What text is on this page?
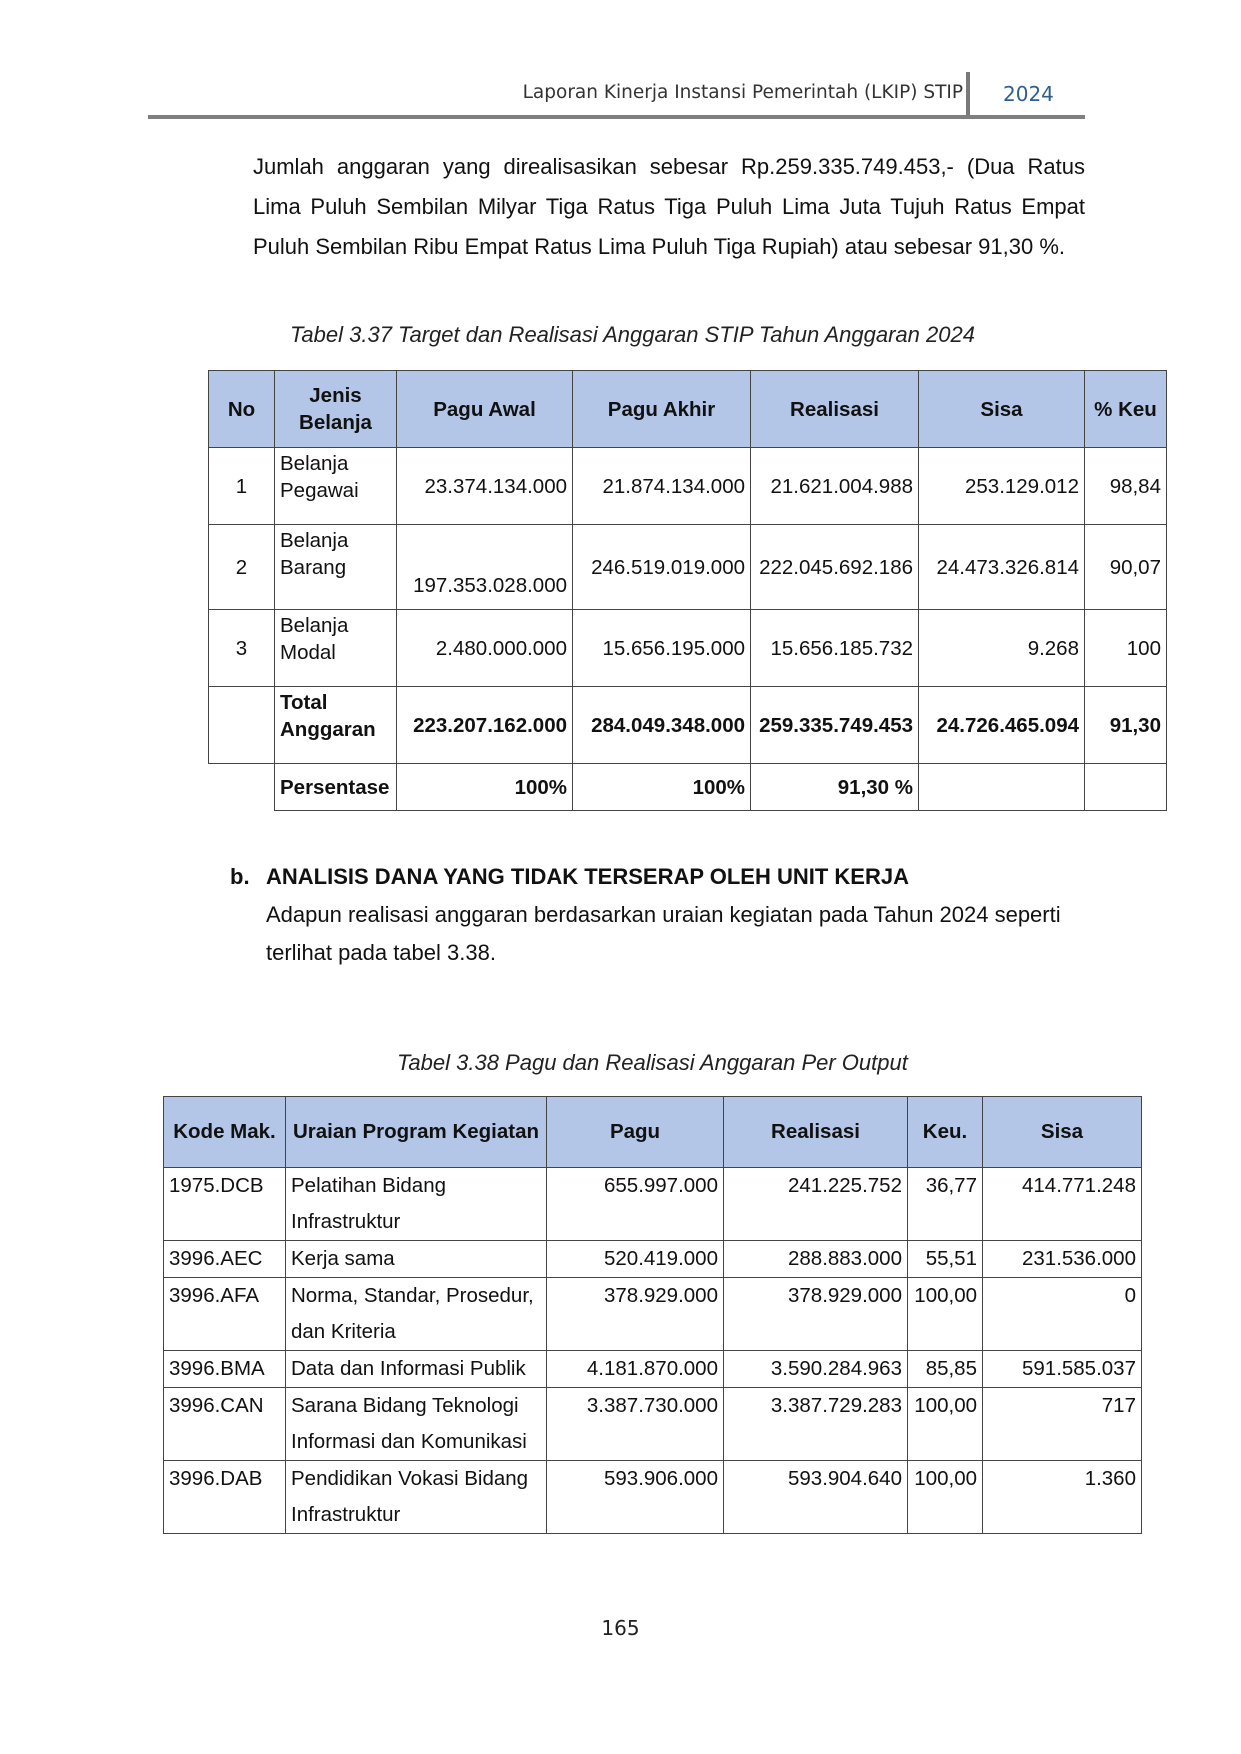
Laporan Kinerja Instansi Pemerintah (LKIP) STIP 2024
Jumlah anggaran yang direalisasikan sebesar Rp.259.335.749.453,- (Dua Ratus Lima Puluh Sembilan Milyar Tiga Ratus Tiga Puluh Lima Juta Tujuh Ratus Empat Puluh Sembilan Ribu Empat Ratus Lima Puluh Tiga Rupiah) atau sebesar 91,30 %.
Tabel 3.37 Target dan Realisasi Anggaran STIP Tahun Anggaran 2024
No	Jenis Belanja	Pagu Awal	Pagu Akhir	Realisasi	Sisa	% Keu
1	Belanja Pegawai	23.374.134.000	21.874.134.000	21.621.004.988	253.129.012	98,84
2	Belanja Barang	197.353.028.000	246.519.019.000	222.045.692.186	24.473.326.814	90,07
3	Belanja Modal	2.480.000.000	15.656.195.000	15.656.185.732	9.268	100
	Total Anggaran	223.207.162.000	284.049.348.000	259.335.749.453	24.726.465.094	91,30
	Persentase	100%	100%	91,30 %		
b. ANALISIS DANA YANG TIDAK TERSERAP OLEH UNIT KERJA
Adapun realisasi anggaran berdasarkan uraian kegiatan pada Tahun 2024 seperti terlihat pada tabel 3.38.
Tabel 3.38 Pagu dan Realisasi Anggaran Per Output
Kode Mak.	Uraian Program Kegiatan	Pagu	Realisasi	Keu.	Sisa
1975.DCB	Pelatihan Bidang Infrastruktur	655.997.000	241.225.752	36,77	414.771.248
3996.AEC	Kerja sama	520.419.000	288.883.000	55,51	231.536.000
3996.AFA	Norma, Standar, Prosedur, dan Kriteria	378.929.000	378.929.000	100,00	0
3996.BMA	Data dan Informasi Publik	4.181.870.000	3.590.284.963	85,85	591.585.037
3996.CAN	Sarana Bidang Teknologi Informasi dan Komunikasi	3.387.730.000	3.387.729.283	100,00	717
3996.DAB	Pendidikan Vokasi Bidang Infrastruktur	593.906.000	593.904.640	100,00	1.360
165
